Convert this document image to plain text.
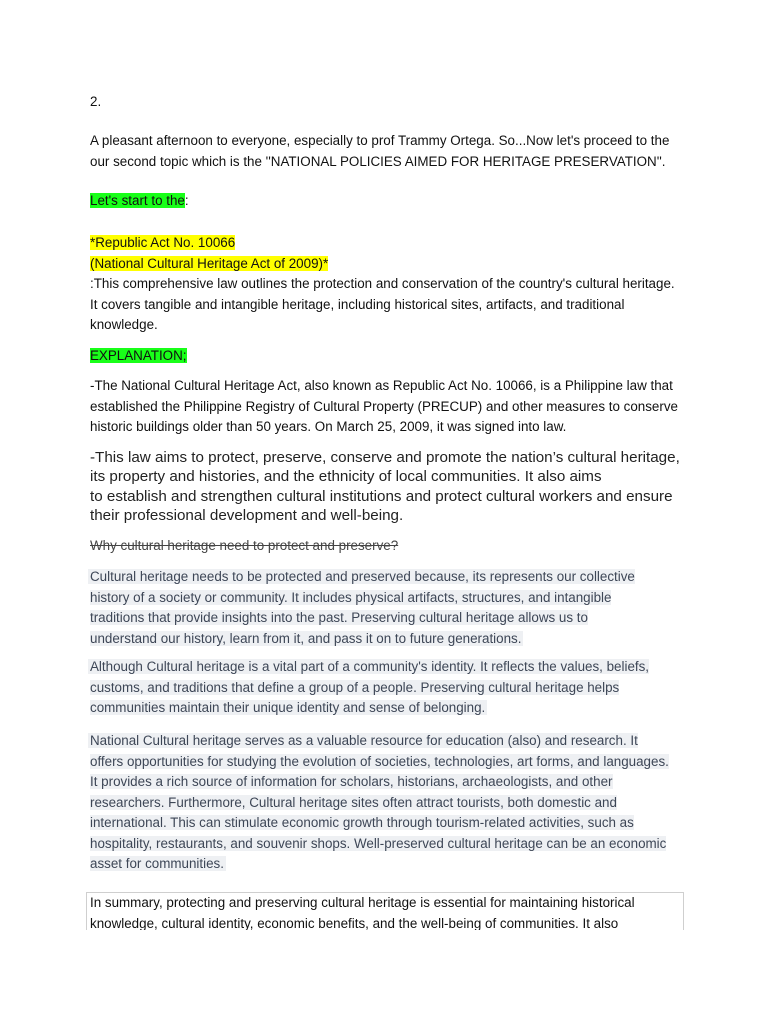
2.

A pleasant afternoon to everyone, especially to prof Trammy Ortega. So...Now let's proceed to the our second topic which is the ''NATIONAL POLICIES AIMED FOR HERITAGE PRESERVATION''.

Let's start to the:

*Republic Act No. 10066

(National Cultural Heritage Act of 2009)*

:This comprehensive law outlines the protection and conservation of the country's cultural heritage. It covers tangible and intangible heritage, including historical sites, artifacts, and traditional knowledge.

EXPLANATION;

-The National Cultural Heritage Act, also known as Republic Act No. 10066, is a Philippine law that established the Philippine Registry of Cultural Property (PRECUP) and other measures to conserve historic buildings older than 50 years. On March 25, 2009, it was signed into law.

-This law aims to protect, preserve, conserve and promote the nation’s cultural heritage,
its property and histories, and the ethnicity of local communities. It also aims
to establish and strengthen cultural institutions and protect cultural workers and ensure
their professional development and well-being.

Why cultural heritage need to protect and preserve?

Cultural heritage needs to be protected and preserved because, its represents our collective history of a society or community. It includes physical artifacts, structures, and intangible traditions that provide insights into the past. Preserving cultural heritage allows us to understand our history, learn from it, and pass it on to future generations.

Although Cultural heritage is a vital part of a community's identity. It reflects the values, beliefs, customs, and traditions that define a group of a people. Preserving cultural heritage helps communities maintain their unique identity and sense of belonging.

National Cultural heritage serves as a valuable resource for education (also) and research. It offers opportunities for studying the evolution of societies, technologies, art forms, and languages. It provides a rich source of information for scholars, historians, archaeologists, and other researchers. Furthermore, Cultural heritage sites often attract tourists, both domestic and international. This can stimulate economic growth through tourism-related activities, such as hospitality, restaurants, and souvenir shops. Well-preserved cultural heritage can be an economic asset for communities.

In summary, protecting and preserving cultural heritage is essential for maintaining historical knowledge, cultural identity, economic benefits, and the well-being of communities. It also
